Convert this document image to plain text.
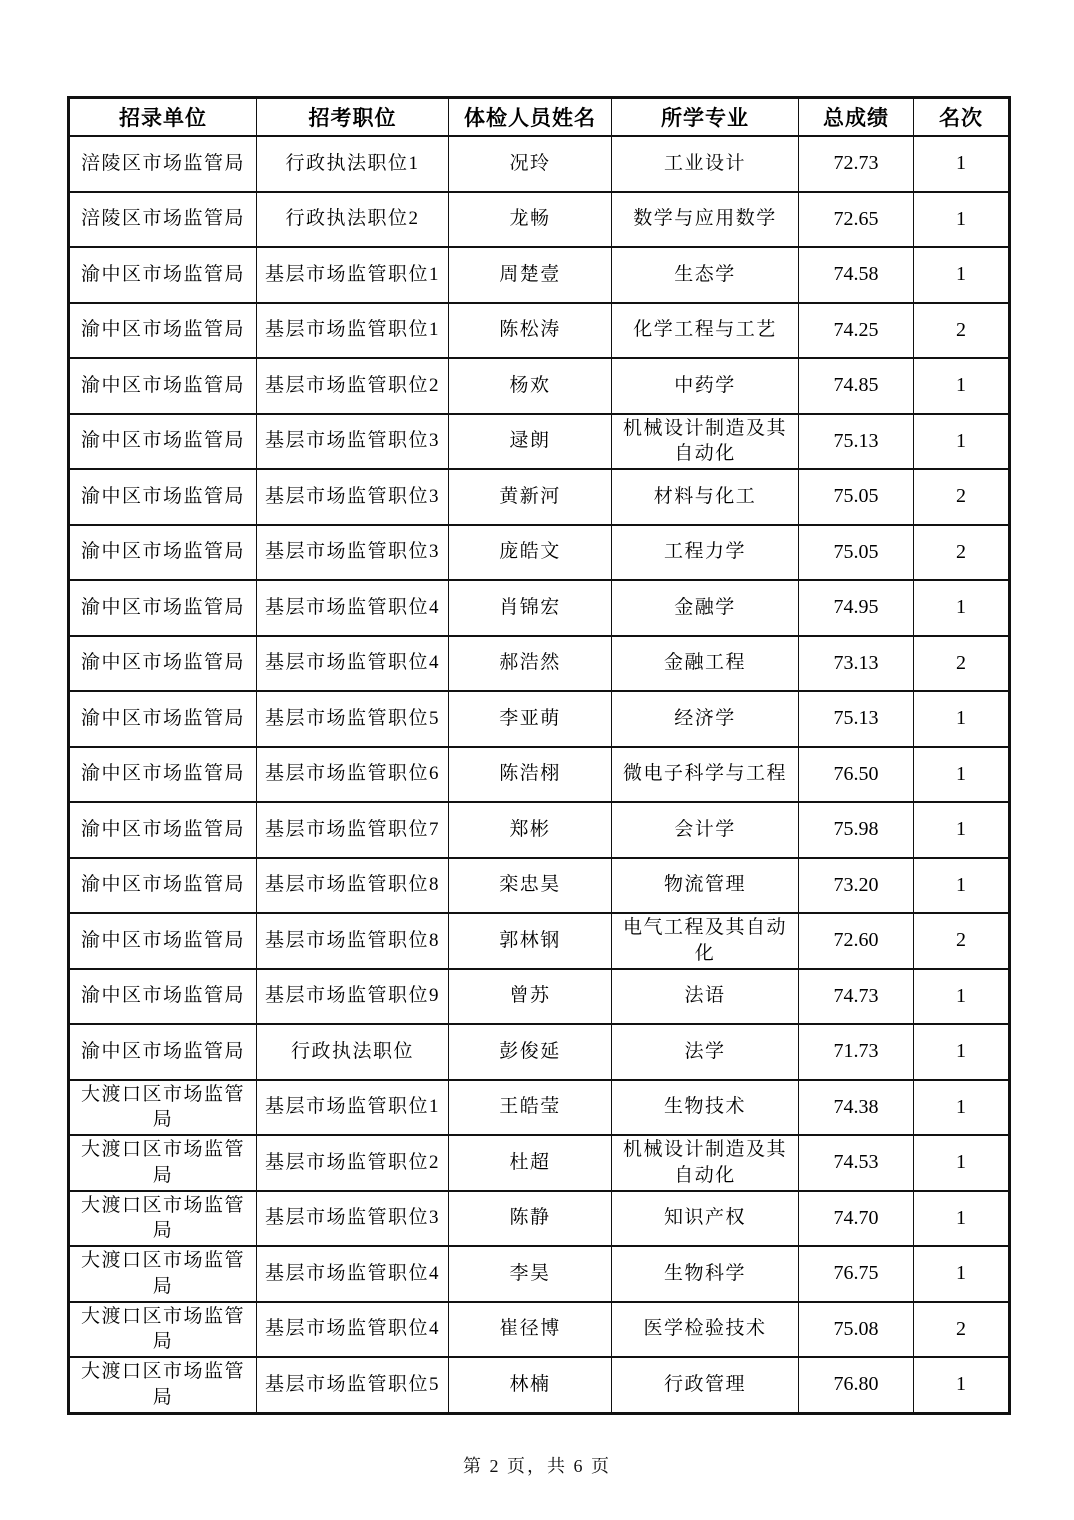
招录单位	招考职位	体检人员姓名	所学专业	总成绩	名次
涪陵区市场监管局	行政执法职位1	况玲	工业设计	72.73	1
涪陵区市场监管局	行政执法职位2	龙畅	数学与应用数学	72.65	1
渝中区市场监管局	基层市场监管职位1	周楚壹	生态学	74.58	1
渝中区市场监管局	基层市场监管职位1	陈松涛	化学工程与工艺	74.25	2
渝中区市场监管局	基层市场监管职位2	杨欢	中药学	74.85	1
渝中区市场监管局	基层市场监管职位3	逯朗	机械设计制造及其自动化	75.13	1
渝中区市场监管局	基层市场监管职位3	黄新河	材料与化工	75.05	2
渝中区市场监管局	基层市场监管职位3	庞皓文	工程力学	75.05	2
渝中区市场监管局	基层市场监管职位4	肖锦宏	金融学	74.95	1
渝中区市场监管局	基层市场监管职位4	郝浩然	金融工程	73.13	2
渝中区市场监管局	基层市场监管职位5	李亚萌	经济学	75.13	1
渝中区市场监管局	基层市场监管职位6	陈浩栩	微电子科学与工程	76.50	1
渝中区市场监管局	基层市场监管职位7	郑彬	会计学	75.98	1
渝中区市场监管局	基层市场监管职位8	栾忠昊	物流管理	73.20	1
渝中区市场监管局	基层市场监管职位8	郭林钢	电气工程及其自动化	72.60	2
渝中区市场监管局	基层市场监管职位9	曾苏	法语	74.73	1
渝中区市场监管局	行政执法职位	彭俊延	法学	71.73	1
大渡口区市场监管局	基层市场监管职位1	王皓莹	生物技术	74.38	1
大渡口区市场监管局	基层市场监管职位2	杜超	机械设计制造及其自动化	74.53	1
大渡口区市场监管局	基层市场监管职位3	陈静	知识产权	74.70	1
大渡口区市场监管局	基层市场监管职位4	李昊	生物科学	76.75	1
大渡口区市场监管局	基层市场监管职位4	崔径博	医学检验技术	75.08	2
大渡口区市场监管局	基层市场监管职位5	林楠	行政管理	76.80	1
第 2 页，共 6 页
